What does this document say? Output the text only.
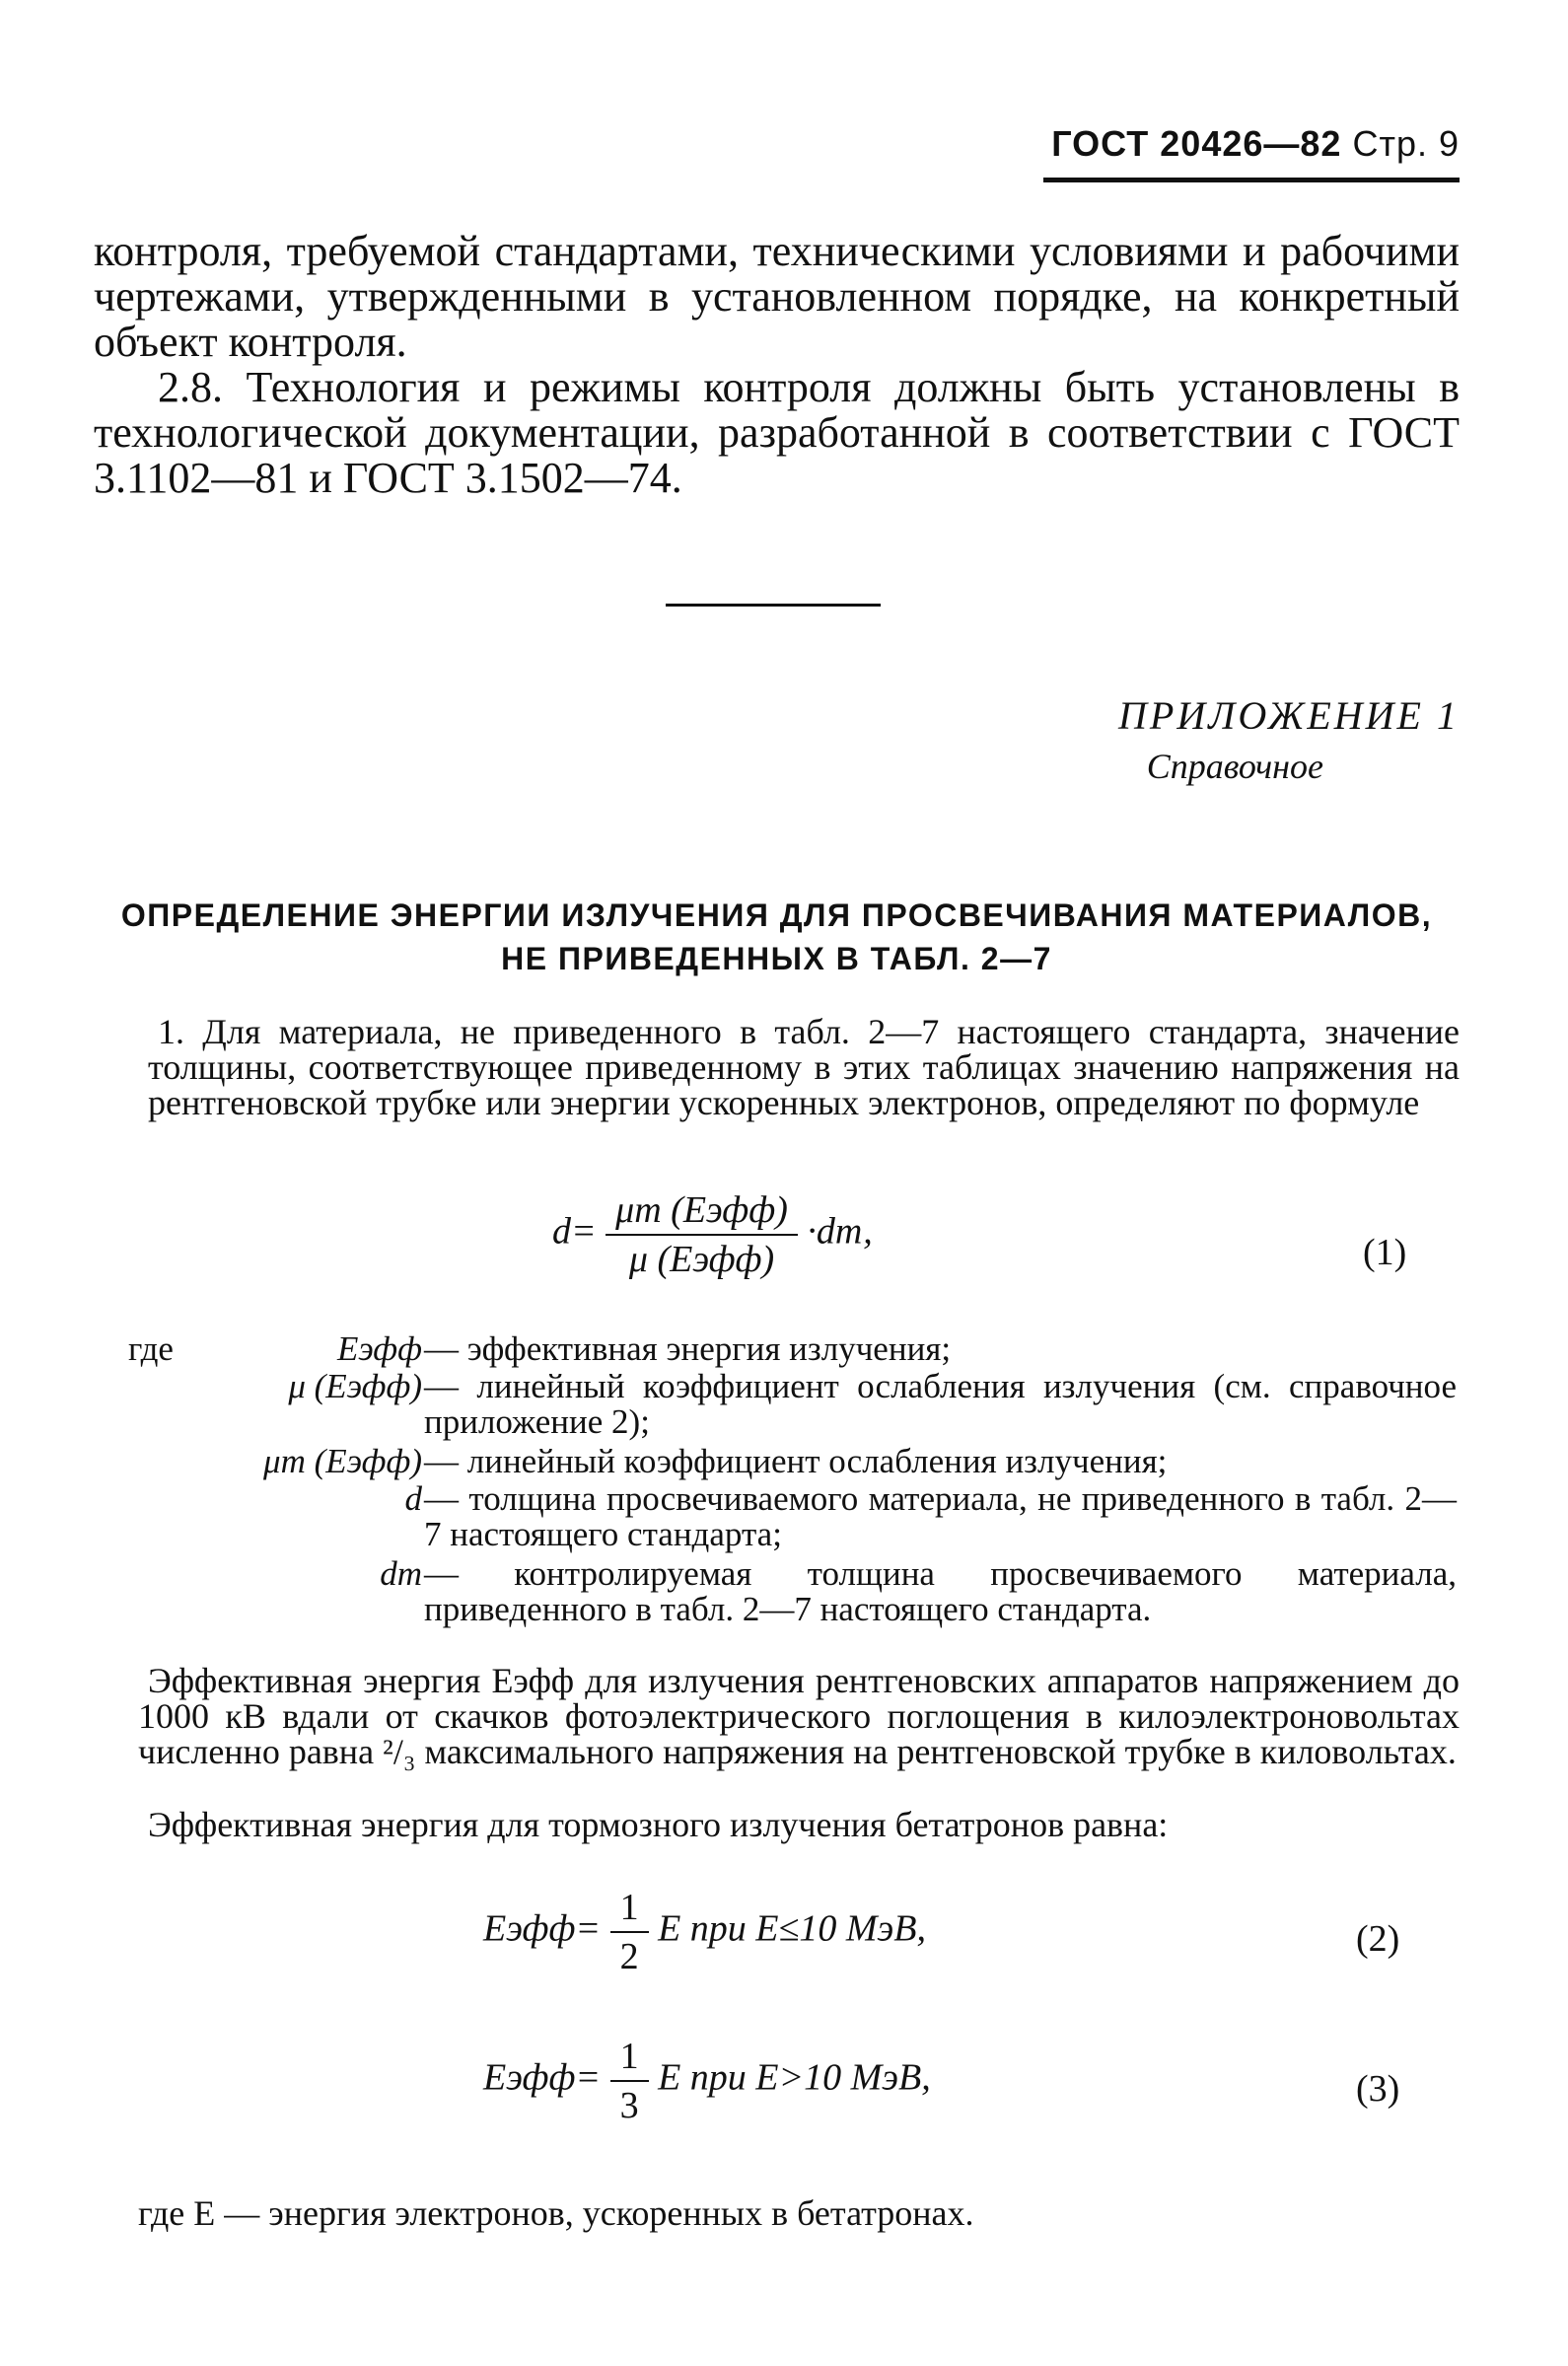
ГОСТ 20426—82 Стр. 9
контроля, требуемой стандартами, техническими условиями и рабочими чертежами, утвержденными в установленном порядке, на конкретный объект контроля.
2.8. Технология и режимы контроля должны быть установлены в технологической документации, разработанной в соответствии с ГОСТ 3.1102—81 и ГОСТ 3.1502—74.
ПРИЛОЖЕНИЕ 1
Справочное
ОПРЕДЕЛЕНИЕ ЭНЕРГИИ ИЗЛУЧЕНИЯ ДЛЯ ПРОСВЕЧИВАНИЯ МАТЕРИАЛОВ,
НЕ ПРИВЕДЕННЫХ В ТАБЛ. 2—7
1. Для материала, не приведенного в табл. 2—7 настоящего стандарта, значение толщины, соответствующее приведенному в этих таблицах значению напряжения на рентгеновской трубке или энергии ускоренных электронов, определяют по формуле
$d= \frac{\text{μт (Eэфф)}}{\text{μ (Eэфф)}} \cdot dт$,
(1)
где	Eэфф — эффективная энергия излучения;
μ (Eэфф) — линейный коэффициент ослабления излучения (см. справочное приложение 2);
μт (Eэфф) — линейный коэффициент ослабления излучения;
d — толщина просвечиваемого материала, не приведенного в табл. 2—7 настоящего стандарта;
dт — контролируемая толщина просвечиваемого материала, приведенного в табл. 2—7 настоящего стандарта.
Эффективная энергия Eэфф для излучения рентгеновских аппаратов напряжением до 1000 кВ вдали от скачков фотоэлектрического поглощения в килоэлектроновольтах численно равна ²/₃ максимального напряжения на рентгеновской трубке в киловольтах.
Эффективная энергия для тормозного излучения бетатронов равна:
Eэфф= $\frac{1}{2}$ E при E≤10 МэВ,	(2)
Eэфф= $\frac{1}{3}$ E при E>10 МэВ,	(3)
где E — энергия электронов, ускоренных в бетатронах.
